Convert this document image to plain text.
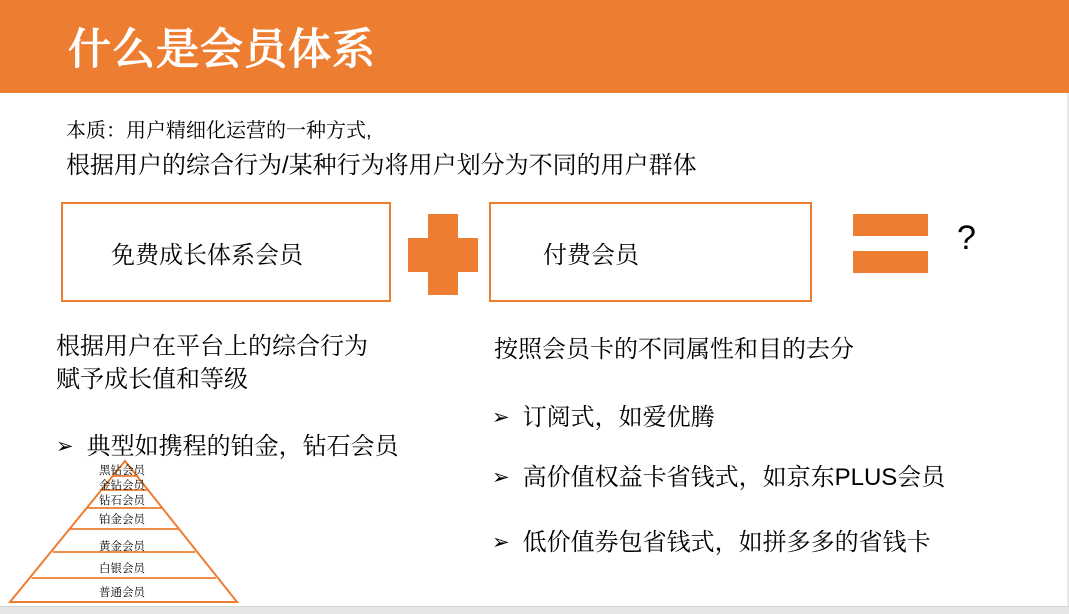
什么是会员体系
本质：用户精细化运营的一种方式,
根据用户的综合行为/某种行为将用户划分为不同的用户群体
免费成长体系会员	付费会员	?
根据用户在平台上的综合行为
赋予成长值和等级
➢ 典型如携程的铂金，钻石会员
按照会员卡的不同属性和目的去分
➢ 订阅式，如爱优腾
➢ 高价值权益卡省钱式，如京东PLUS会员
➢ 低价值券包省钱式，如拼多多的省钱卡
黑钻会员
金钻会员
钻石会员
铂金会员
黄金会员
白银会员
普通会员
